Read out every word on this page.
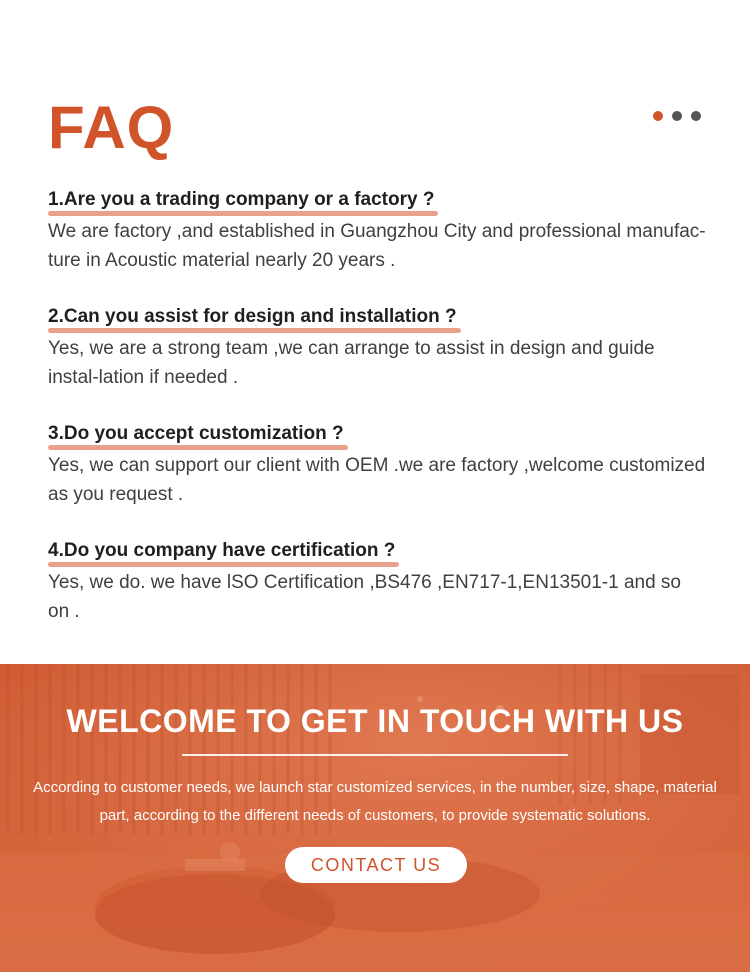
FAQ
1.Are you a trading company or a factory ?

We are factory ,and established in Guangzhou City and professional manufac-ture in Acoustic material nearly 20 years .

2.Can you assist for design and installation ?

Yes, we are a strong team ,we can arrange to assist in design and guide instal-lation if needed .

3.Do you accept customization ?

Yes, we can support our client with OEM .we are factory ,welcome customized as you request .

4.Do you company have certification ?

Yes, we do. we have lSO Certification ,BS476 ,EN717-1,EN13501-1 and so on .

WELCOME TO GET IN TOUCH WITH US

According to customer needs, we launch star customized services, in the number, size, shape, material part, according to the different needs of customers, to provide systematic solutions.

CONTACT US
